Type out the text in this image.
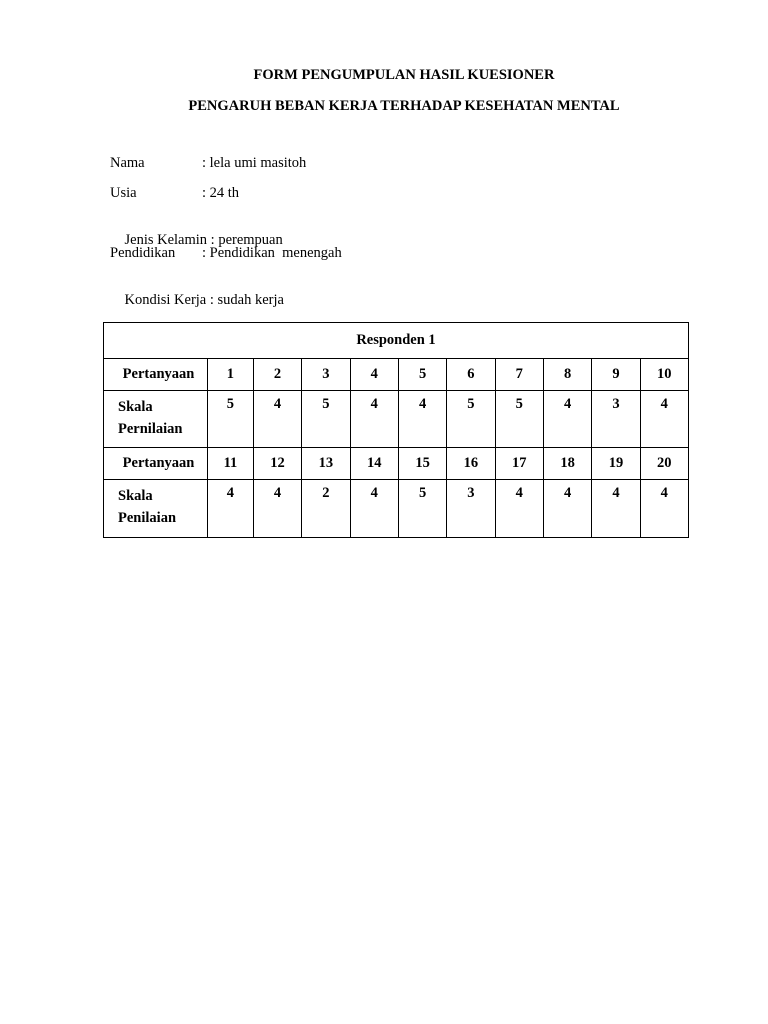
FORM PENGUMPULAN HASIL KUESIONER
PENGARUH BEBAN KERJA TERHADAP KESEHATAN MENTAL

Nama

	: lela umi masitoh

Usia

	: 24 th

Jenis Kelamin : perempuan

Pendidikan

: Pendidikan  menengah

Kondisi Kerja : sudah kerja

Responden 1										
Pertanyaan	1	2	3	4	5	6	7	8	9	10
Skala
Pernilaian	5	4	5	4	4	5	5	4	3	4
Pertanyaan	11	12	13	14	15	16	17	18	19	20
Skala
Penilaian	4	4	2	4	5	3	4	4	4	4
